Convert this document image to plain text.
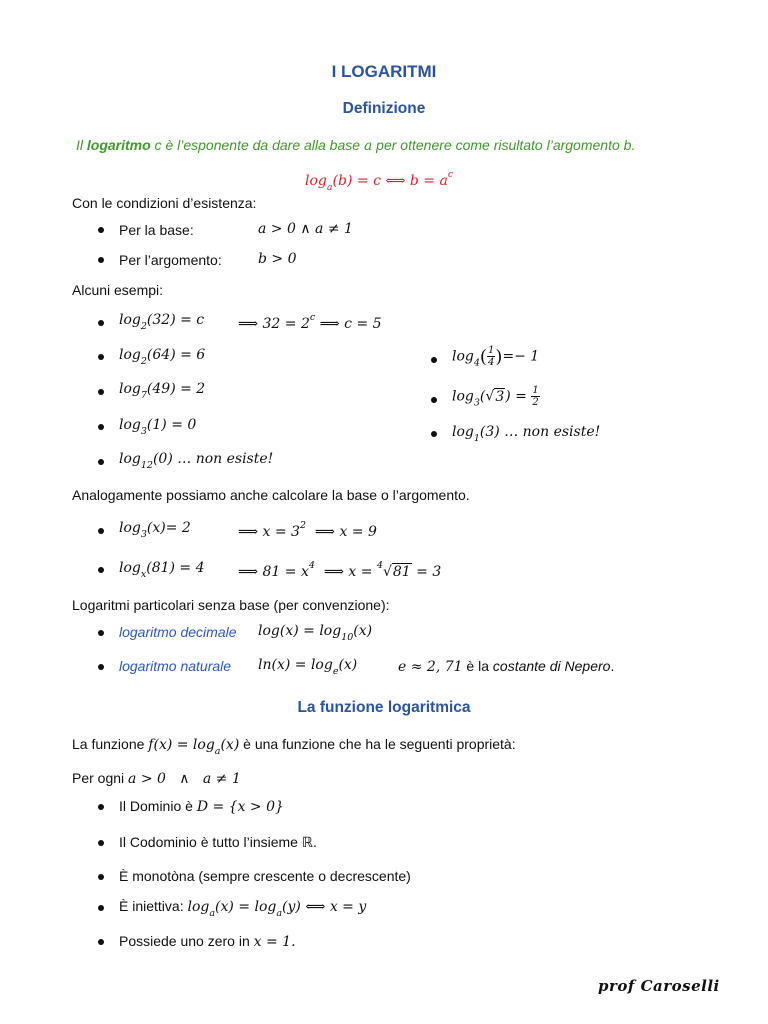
I LOGARITMI
Definizione
Il logaritmo c è l’esponente da dare alla base a per ottenere come risultato l’argomento b.
$\log_a(b) = c$ ⟺ $b = a^c$
Con le condizioni d’esistenza:
Per la base:	a > 0 ∧ a ≠ 1
Per l’argomento:	b > 0
Alcuni esempi:
$\log_2(32) = c$ ⟹ $32 = 2^c$ ⟹ c = 5
$\log_2(64) = 6$
$\log_7(49) = 2$
$\log_3(1) = 0$
$\log_{12}(0)$ … non esiste!
$\log_4( \frac{1}{4}$ )=− 1
$\log_3(√3) = \frac{1}{2}$
$\log_1(3)$ … non esiste!
Analogamente possiamo anche calcolare la base o l’argomento.
$\log_3(x)= 2$	⟹ $x = 3^2$ ⟹ x = 9
$\log_x(81) = 4$ ⟹ $81 = x^4$ ⟹ x = $^4$√81 = 3
Logaritmi particolari senza base (per convenzione):
logaritmo decimale $\log(x) = \log_{10}(x)$
logaritmo naturale $\ln(x) = \log_e(x)$	e ≈ 2, 71 è la costante di Nepero.
La funzione logaritmica
La funzione $f(x) = \log_a(x)$ è una funzione che ha le seguenti proprietà:
Per ogni a > 0   ∧   a ≠ 1
Il Dominio è D = {x > 0}
Il Codominio è tutto l’insieme ℝ.
È monotòna (sempre crescente o decrescente)
È iniettiva: $\log_a(x) = \log_a(y)$ ⟺ x = y
Possiede uno zero in x = 1.
prof Caroselli
